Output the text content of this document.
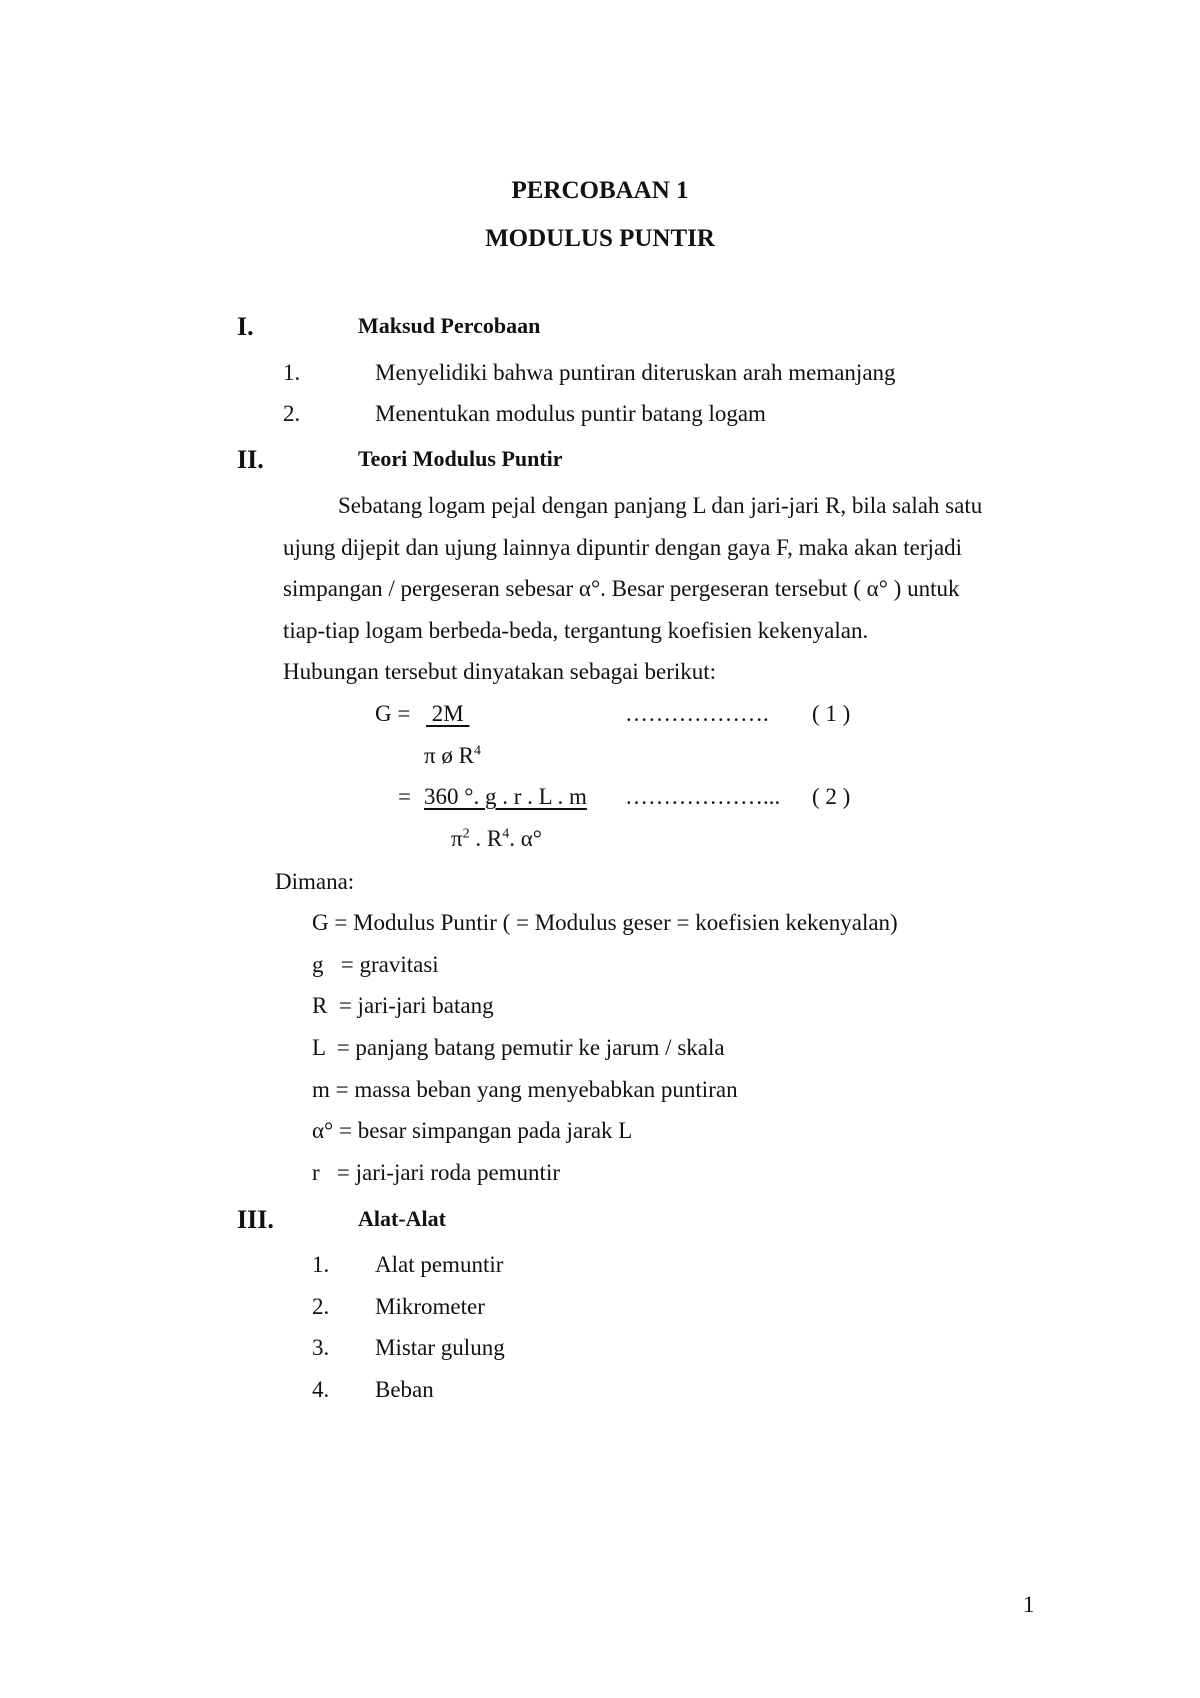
PERCOBAAN 1
MODULUS PUNTIR
I.	Maksud Percobaan
1.	Menyelidiki bahwa puntiran diteruskan arah memanjang
2.	Menentukan modulus puntir batang logam
II.	Teori Modulus Puntir
Sebatang logam pejal dengan panjang L dan jari-jari R, bila salah satu
ujung dijepit dan ujung lainnya dipuntir dengan gaya F, maka akan terjadi
simpangan / pergeseran sebesar α°. Besar pergeseran tersebut ( α° ) untuk
tiap-tiap logam berbeda-beda, tergantung koefisien kekenyalan.
Hubungan tersebut dinyatakan sebagai berikut:
G = 2M	………………. ( 1 )
π ø $R^4$
= 360 °. g . r . L . m ………………... ( 2 )
$\pi^2$ . $R^4$. α°
Dimana:
G = Modulus Puntir ( = Modulus geser = koefisien kekenyalan)
g   = gravitasi
R  = jari-jari batang
L  = panjang batang pemutir ke jarum / skala
m = massa beban yang menyebabkan puntiran
α° = besar simpangan pada jarak L
r   = jari-jari roda pemuntir
III.	Alat-Alat
1. Alat pemuntir
2. Mikrometer
3. Mistar gulung
4. Beban
1
